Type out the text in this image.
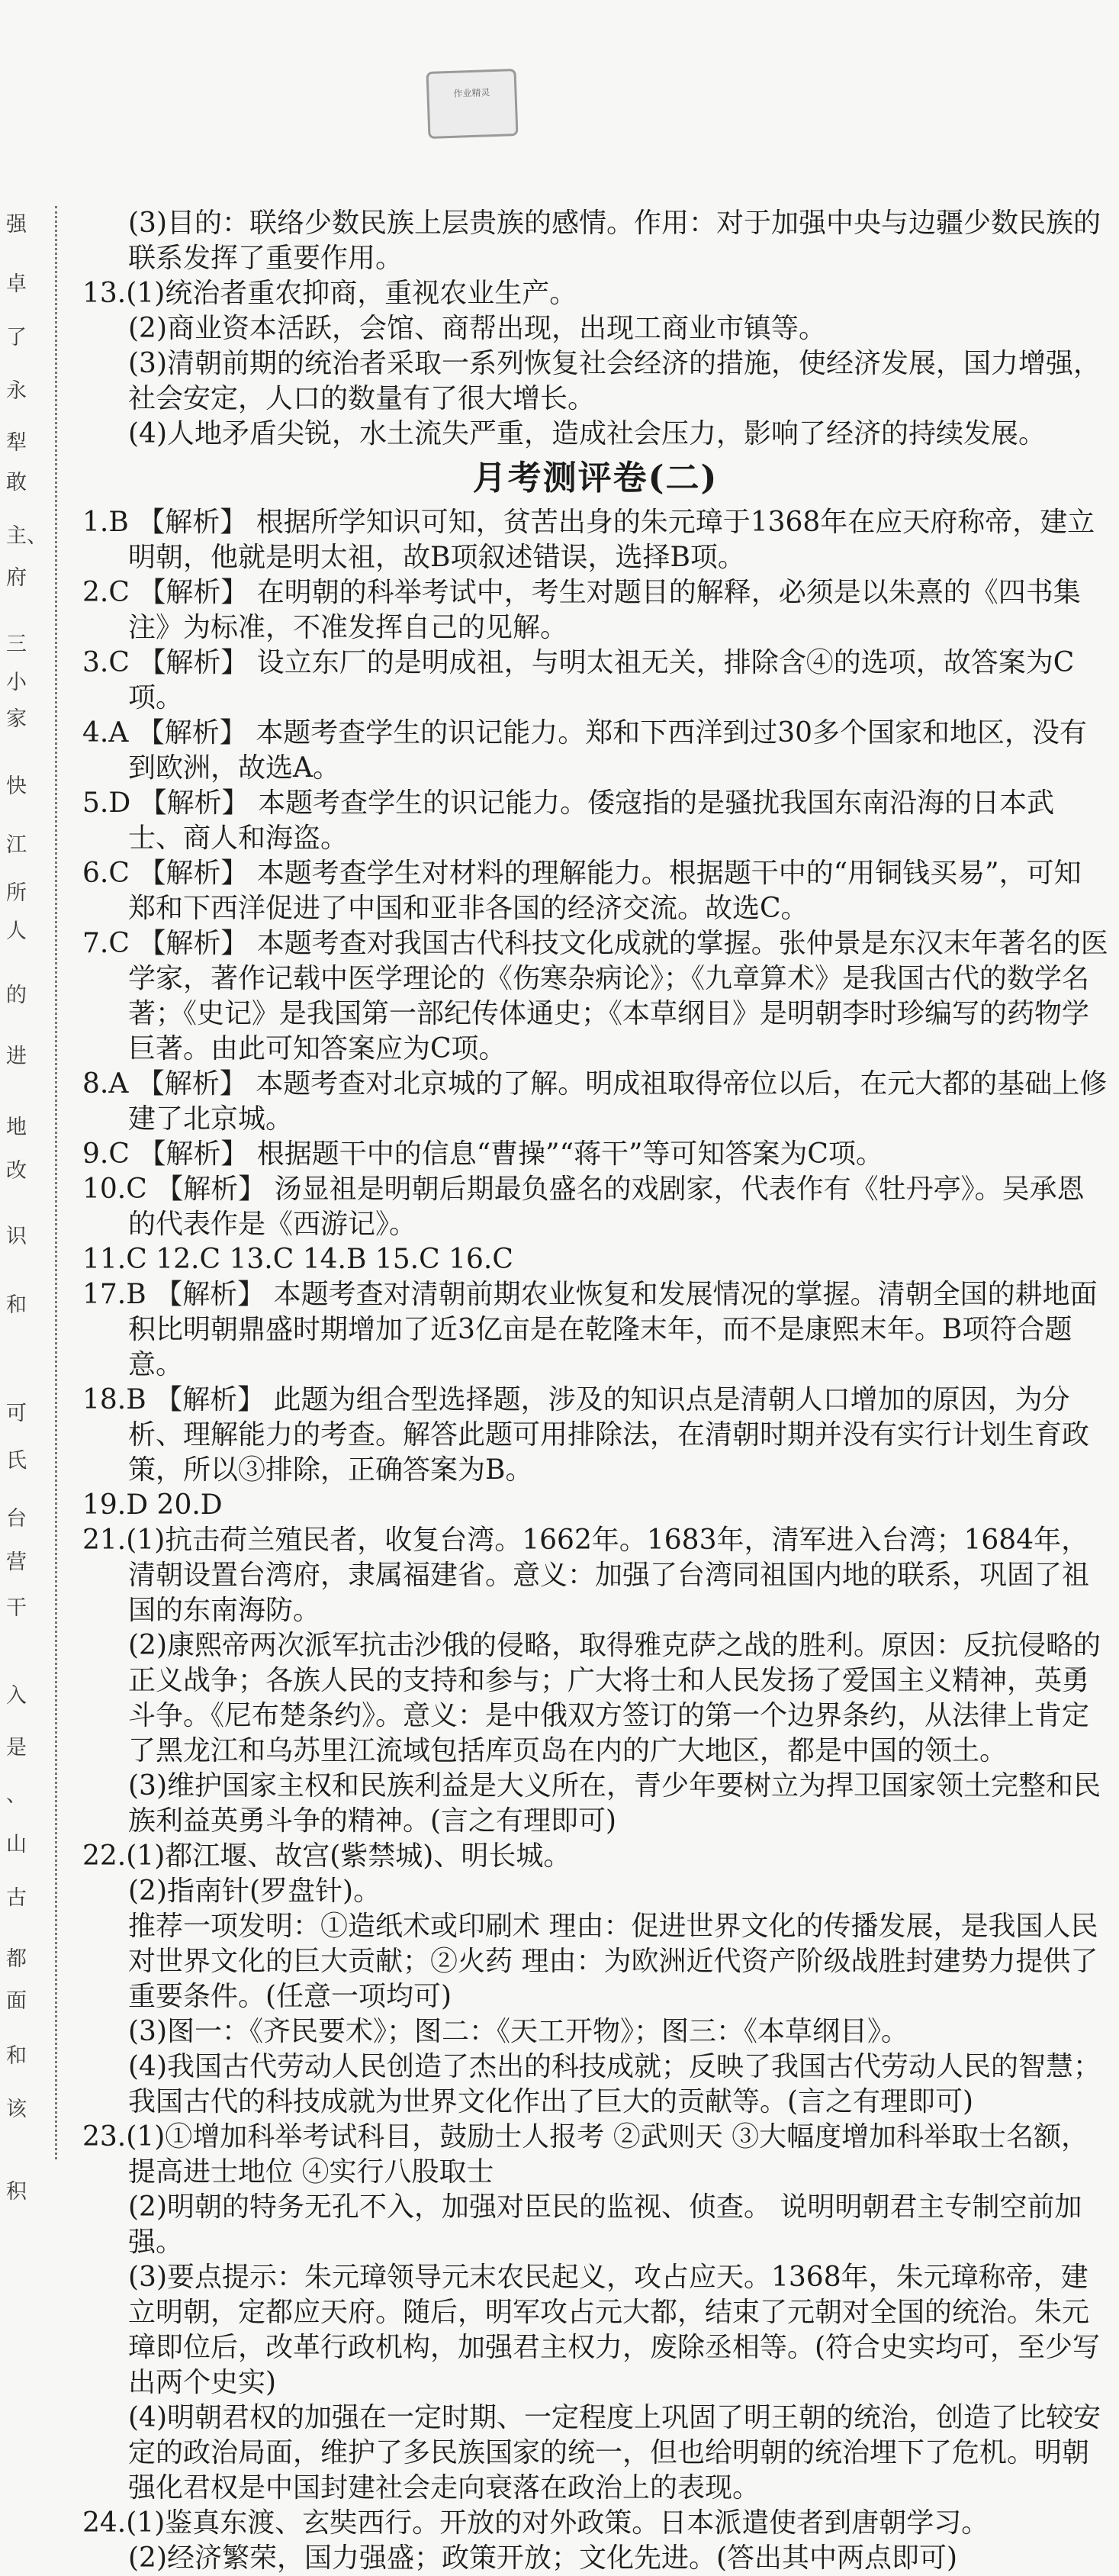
强
卓
了
永
犁
敢
主、
府
三
小
家
快
江
所
人
的
进
地
改
识
和
可
氏
台
营
干
入
是
、
山
古
都
面
和
该
积
作业精灵

(3)目的：联络少数民族上层贵族的感情。作用：对于加强中央与边疆少数民族的联系发挥了重要作用。

13.(1)统治者重农抑商，重视农业生产。

(2)商业资本活跃，会馆、商帮出现，出现工商业市镇等。

(3)清朝前期的统治者采取一系列恢复社会经济的措施，使经济发展，国力增强，社会安定，人口的数量有了很大增长。

(4)人地矛盾尖锐，水土流失严重，造成社会压力，影响了经济的持续发展。

月考测评卷(二)

1.B 【解析】 根据所学知识可知，贫苦出身的朱元璋于1368年在应天府称帝，建立明朝，他就是明太祖，故B项叙述错误，选择B项。

2.C 【解析】 在明朝的科举考试中，考生对题目的解释，必须是以朱熹的《四书集注》为标准，不准发挥自己的见解。

3.C 【解析】 设立东厂的是明成祖，与明太祖无关，排除含④的选项，故答案为C项。

4.A 【解析】 本题考查学生的识记能力。郑和下西洋到过30多个国家和地区，没有到欧洲，故选A。

5.D 【解析】 本题考查学生的识记能力。倭寇指的是骚扰我国东南沿海的日本武士、商人和海盗。

6.C 【解析】 本题考查学生对材料的理解能力。根据题干中的“用铜钱买易”，可知郑和下西洋促进了中国和亚非各国的经济交流。故选C。

7.C 【解析】 本题考查对我国古代科技文化成就的掌握。张仲景是东汉末年著名的医学家，著作记载中医学理论的《伤寒杂病论》；《九章算术》是我国古代的数学名著；《史记》是我国第一部纪传体通史；《本草纲目》是明朝李时珍编写的药物学巨著。由此可知答案应为C项。

8.A 【解析】 本题考查对北京城的了解。明成祖取得帝位以后，在元大都的基础上修建了北京城。

9.C 【解析】 根据题干中的信息“曹操”“蒋干”等可知答案为C项。

10.C 【解析】 汤显祖是明朝后期最负盛名的戏剧家，代表作有《牡丹亭》。吴承恩的代表作是《西游记》。

11.C 12.C 13.C 14.B 15.C 16.C

17.B 【解析】 本题考查对清朝前期农业恢复和发展情况的掌握。清朝全国的耕地面积比明朝鼎盛时期增加了近3亿亩是在乾隆末年，而不是康熙末年。B项符合题意。

18.B 【解析】 此题为组合型选择题，涉及的知识点是清朝人口增加的原因，为分析、理解能力的考查。解答此题可用排除法，在清朝时期并没有实行计划生育政策，所以③排除，正确答案为B。

19.D 20.D

21.(1)抗击荷兰殖民者，收复台湾。1662年。1683年，清军进入台湾；1684年，清朝设置台湾府，隶属福建省。意义：加强了台湾同祖国内地的联系，巩固了祖国的东南海防。

(2)康熙帝两次派军抗击沙俄的侵略，取得雅克萨之战的胜利。原因：反抗侵略的正义战争；各族人民的支持和参与；广大将士和人民发扬了爱国主义精神，英勇斗争。《尼布楚条约》。意义：是中俄双方签订的第一个边界条约，从法律上肯定了黑龙江和乌苏里江流域包括库页岛在内的广大地区，都是中国的领土。

(3)维护国家主权和民族利益是大义所在，青少年要树立为捍卫国家领土完整和民族利益英勇斗争的精神。(言之有理即可)

22.(1)都江堰、故宫(紫禁城)、明长城。

(2)指南针(罗盘针)。

推荐一项发明：①造纸术或印刷术 理由：促进世界文化的传播发展，是我国人民对世界文化的巨大贡献；②火药 理由：为欧洲近代资产阶级战胜封建势力提供了重要条件。(任意一项均可)

(3)图一：《齐民要术》；图二：《天工开物》；图三：《本草纲目》。

(4)我国古代劳动人民创造了杰出的科技成就；反映了我国古代劳动人民的智慧；我国古代的科技成就为世界文化作出了巨大的贡献等。(言之有理即可)

23.(1)①增加科举考试科目，鼓励士人报考 ②武则天 ③大幅度增加科举取士名额，提高进士地位 ④实行八股取士

(2)明朝的特务无孔不入，加强对臣民的监视、侦查。 说明明朝君主专制空前加强。

(3)要点提示：朱元璋领导元末农民起义，攻占应天。1368年，朱元璋称帝，建立明朝，定都应天府。随后，明军攻占元大都，结束了元朝对全国的统治。朱元璋即位后，改革行政机构，加强君主权力，废除丞相等。(符合史实均可，至少写出两个史实)

(4)明朝君权的加强在一定时期、一定程度上巩固了明王朝的统治，创造了比较安定的政治局面，维护了多民族国家的统一，但也给明朝的统治埋下了危机。明朝强化君权是中国封建社会走向衰落在政治上的表现。

24.(1)鉴真东渡、玄奘西行。开放的对外政策。日本派遣使者到唐朝学习。

(2)经济繁荣，国力强盛；政策开放；文化先进。(答出其中两点即可)
